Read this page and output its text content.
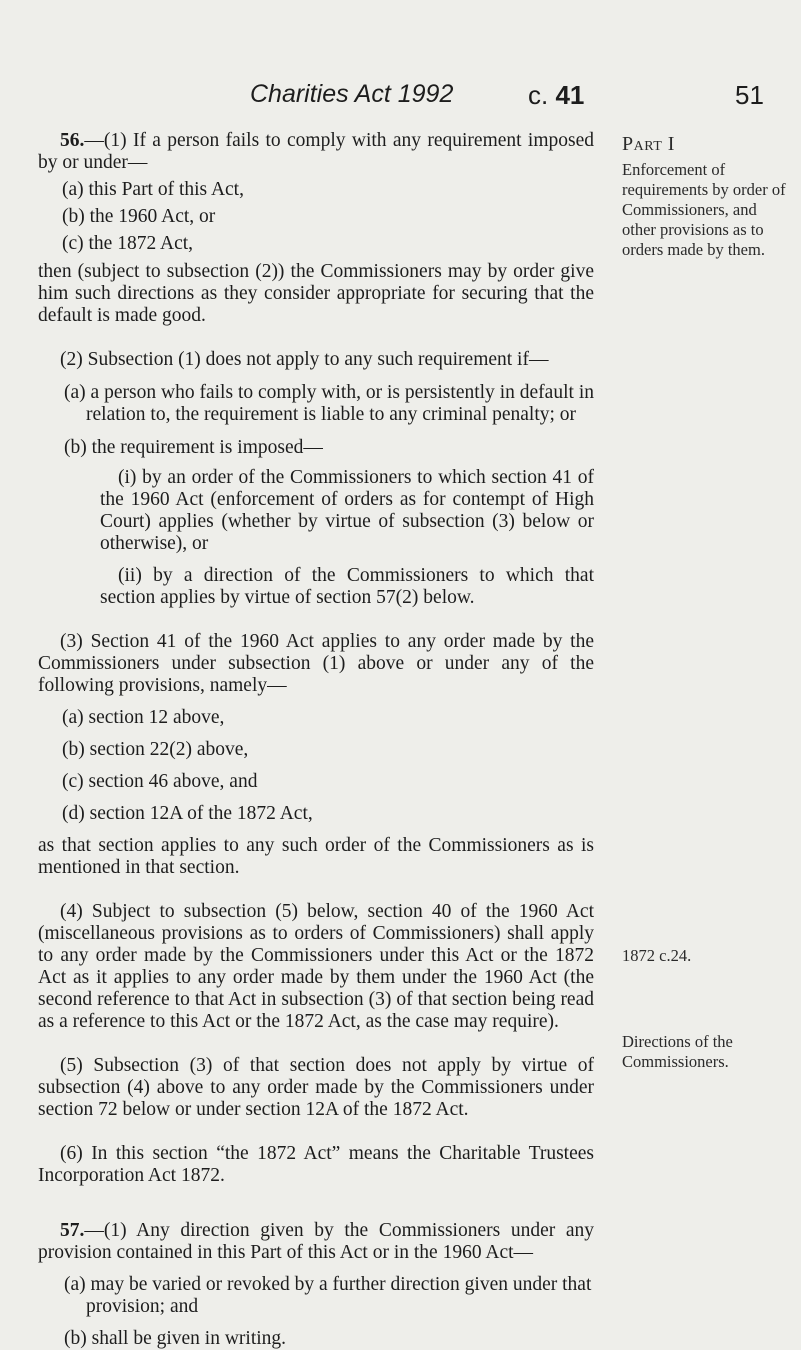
Charities Act 1992	c. 41	51

56.—(1) If a person fails to comply with any requirement imposed by or under—

(a) this Part of this Act,

(b) the 1960 Act, or

(c) the 1872 Act,

then (subject to subsection (2)) the Commissioners may by order give him such directions as they consider appropriate for securing that the default is made good.

(2) Subsection (1) does not apply to any such requirement if—

(a) a person who fails to comply with, or is persistently in default in relation to, the requirement is liable to any criminal penalty; or

(b) the requirement is imposed—

(i) by an order of the Commissioners to which section 41 of the 1960 Act (enforcement of orders as for contempt of High Court) applies (whether by virtue of subsection (3) below or otherwise), or

(ii) by a direction of the Commissioners to which that section applies by virtue of section 57(2) below.

(3) Section 41 of the 1960 Act applies to any order made by the Commissioners under subsection (1) above or under any of the following provisions, namely—

(a) section 12 above,

(b) section 22(2) above,

(c) section 46 above, and

(d) section 12A of the 1872 Act,

as that section applies to any such order of the Commissioners as is mentioned in that section.

(4) Subject to subsection (5) below, section 40 of the 1960 Act (miscellaneous provisions as to orders of Commissioners) shall apply to any order made by the Commissioners under this Act or the 1872 Act as it applies to any order made by them under the 1960 Act (the second reference to that Act in subsection (3) of that section being read as a reference to this Act or the 1872 Act, as the case may require).

(5) Subsection (3) of that section does not apply by virtue of subsection (4) above to any order made by the Commissioners under section 72 below or under section 12A of the 1872 Act.

(6) In this section “the 1872 Act” means the Charitable Trustees Incorporation Act 1872.

57.—(1) Any direction given by the Commissioners under any provision contained in this Part of this Act or in the 1960 Act—

(a) may be varied or revoked by a further direction given under that provision; and

(b) shall be given in writing.

Part I
Enforcement of requirements by order of Commissioners, and other provisions as to orders made by them.
1872 c.24.
Directions of the Commissioners.
